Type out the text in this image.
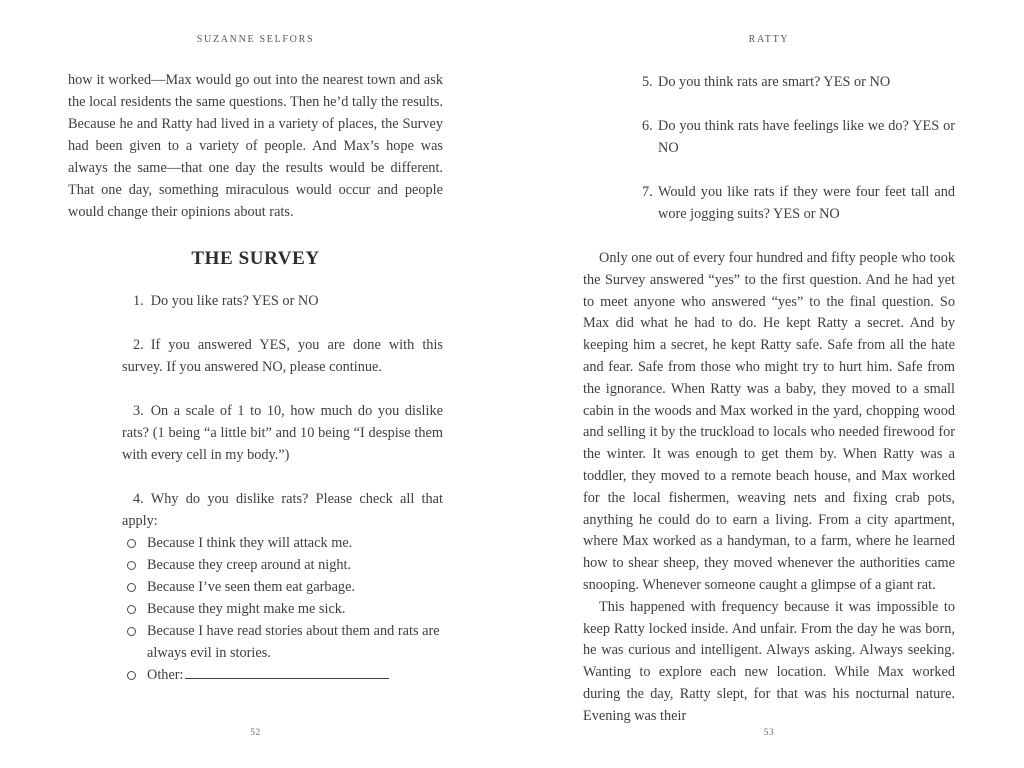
SUZANNE SELFORS

how it worked—Max would go out into the nearest town and ask the local residents the same questions. Then he’d tally the results. Because he and Ratty had lived in a variety of places, the Survey had been given to a variety of people. And Max’s hope was always the same—that one day the results would be different. That one day, something miraculous would occur and people would change their opinions about rats.

THE SURVEY
1. Do you like rats? YES or NO
2. If you answered YES, you are done with this survey. If you answered NO, please continue.
3. On a scale of 1 to 10, how much do you dislike rats? (1 being “a little bit” and 10 being “I despise them with every cell in my body.”)
4. Why do you dislike rats? Please check all that apply:
Because I think they will attack me.
Because they creep around at night.
Because I’ve seen them eat garbage.
Because they might make me sick.
Because I have read stories about them and rats are always evil in stories.
Other:
52
RATTY
5. Do you think rats are smart? YES or NO
6. Do you think rats have feelings like we do? YES or NO
7. Would you like rats if they were four feet tall and wore jogging suits? YES or NO

Only one out of every four hundred and fifty people who took the Survey answered “yes” to the first question. And he had yet to meet anyone who answered “yes” to the final question. So Max did what he had to do. He kept Ratty a secret. And by keeping him a secret, he kept Ratty safe. Safe from all the hate and fear. Safe from those who might try to hurt him. Safe from the ignorance. When Ratty was a baby, they moved to a small cabin in the woods and Max worked in the yard, chopping wood and selling it by the truckload to locals who needed firewood for the winter. It was enough to get them by. When Ratty was a toddler, they moved to a remote beach house, and Max worked for the local fishermen, weaving nets and fixing crab pots, anything he could do to earn a living. From a city apartment, where Max worked as a handyman, to a farm, where he learned how to shear sheep, they moved whenever the authorities came snooping. Whenever someone caught a glimpse of a giant rat.

This happened with frequency because it was impossible to keep Ratty locked inside. And unfair. From the day he was born, he was curious and intelligent. Always asking. Always seeking. Wanting to explore each new location. While Max worked during the day, Ratty slept, for that was his nocturnal nature. Evening was their

53
